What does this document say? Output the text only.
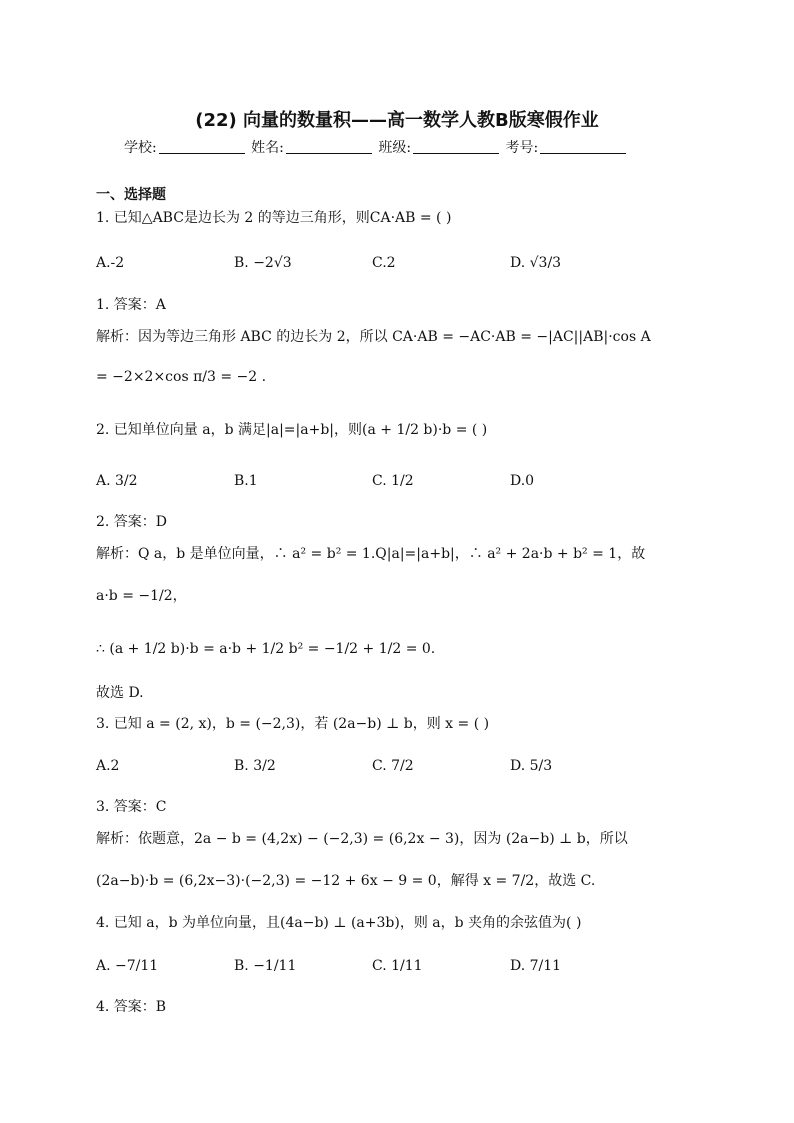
(22) 向量的数量积——高一数学人教B版寒假作业
学校:	姓名:	班级:	考号:
一、选择题
1. 已知△ABC是边长为 2 的等边三角形，则CA·AB = ( )
A.-2	B. −2√3	C.2	D. √3/3
1. 答案：A
解析：因为等边三角形 ABC 的边长为 2，所以 CA·AB = −AC·AB = −|AC||AB|·cos A
= −2×2×cos π/3 = −2 .
2. 已知单位向量 a，b 满足|a|=|a+b|，则(a + 1/2 b)·b = ( )
A. 3/2	B.1	C. 1/2	D.0
2. 答案：D
解析：Q a，b 是单位向量，∴ a² = b² = 1.Q|a|=|a+b|，∴ a² + 2a·b + b² = 1，故
a·b = −1/2，
∴ (a + 1/2 b)·b = a·b + 1/2 b² = −1/2 + 1/2 = 0.
故选 D.
3. 已知 a = (2, x)，b = (−2,3)，若 (2a−b) ⊥ b，则 x = ( )
A.2	B. 3/2	C. 7/2	D. 5/3
3. 答案：C
解析：依题意，2a − b = (4,2x) − (−2,3) = (6,2x − 3)，因为 (2a−b) ⊥ b，所以
(2a−b)·b = (6,2x−3)·(−2,3) = −12 + 6x − 9 = 0，解得 x = 7/2，故选 C.
4. 已知 a，b 为单位向量，且(4a−b) ⊥ (a+3b)，则 a，b 夹角的余弦值为( )
A. −7/11	B. −1/11	C. 1/11	D. 7/11
4. 答案：B
